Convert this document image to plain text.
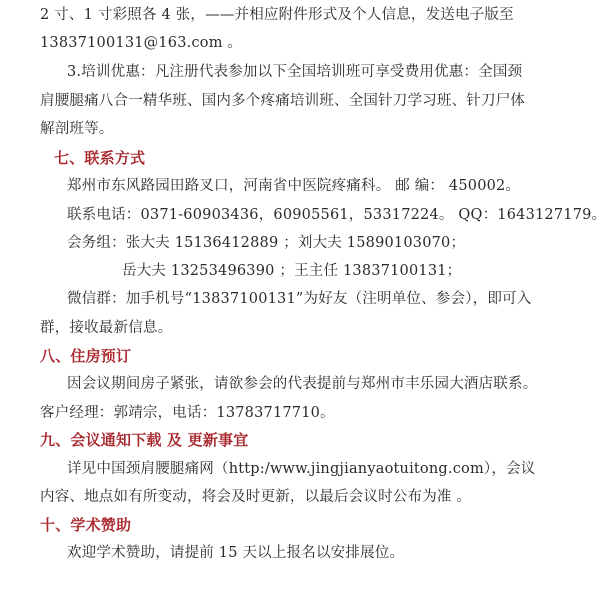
2 寸、1 寸彩照各 4 张，——并相应附件形式及个人信息，发送电子版至
13837100131@163.com 。
3.培训优惠：凡注册代表参加以下全国培训班可享受费用优惠：全国颈
肩腰腿痛八合一精华班、国内多个疼痛培训班、全国针刀学习班、针刀尸体
解剖班等。
七、联系方式
郑州市东风路园田路叉口，河南省中医院疼痛科。 邮 编： 450002。
联系电话：0371-60903436，60905561，53317224。 QQ：1643127179。
会务组：张大夫 15136412889 ；刘大夫 15890103070；
岳大夫 13253496390 ；王主任 13837100131；
微信群：加手机号“13837100131”为好友（注明单位、参会），即可入
群，接收最新信息。
八、住房预订
因会议期间房子紧张，请欲参会的代表提前与郑州市丰乐园大酒店联系。
客户经理：郭靖宗，电话：13783717710。
九、会议通知下载 及 更新事宜
详见中国颈肩腰腿痛网（http:/www.jingjianyaotuitong.com），会议
内容、地点如有所变动，将会及时更新，以最后会议时公布为准 。
十、学术赞助
欢迎学术赞助，请提前 15 天以上报名以安排展位。
